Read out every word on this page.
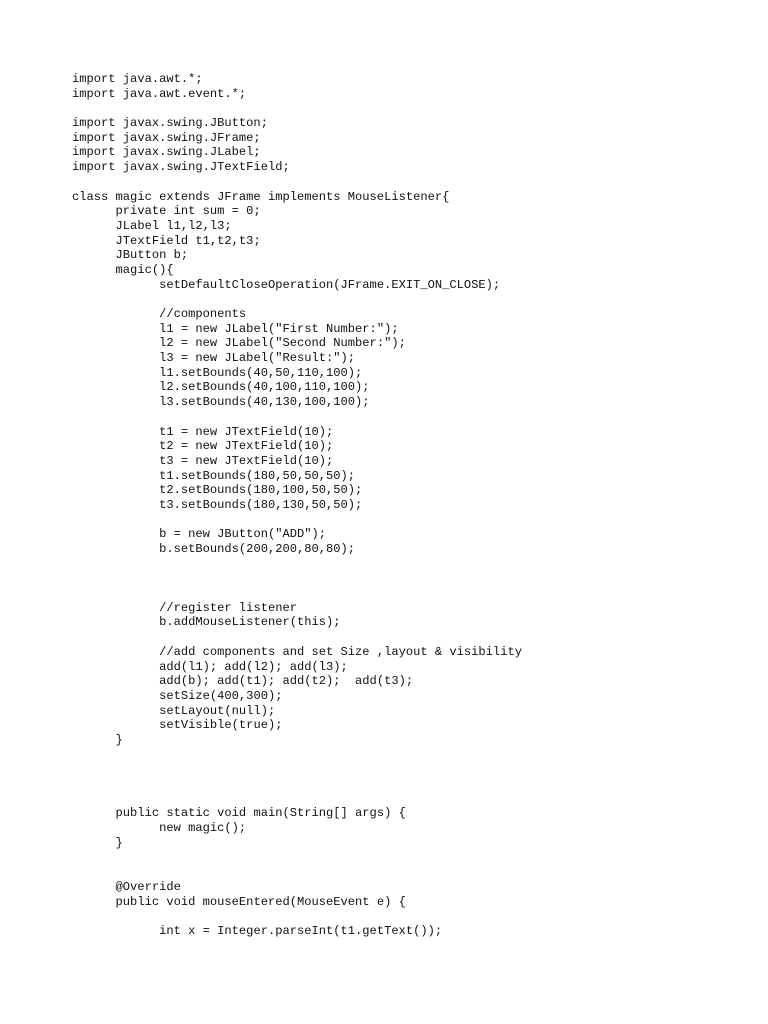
import java.awt.*;
import java.awt.event.*;
import javax.swing.JButton;
import javax.swing.JFrame;
import javax.swing.JLabel;
import javax.swing.JTextField;
class magic extends JFrame implements MouseListener{
	private int sum = 0;
	JLabel l1,l2,l3;
	JTextField t1,t2,t3;
	JButton b;
	magic(){
		setDefaultCloseOperation(JFrame.EXIT_ON_CLOSE);
		//components
		l1 = new JLabel("First Number:");
		l2 = new JLabel("Second Number:");
		l3 = new JLabel("Result:");
		l1.setBounds(40,50,110,100);
		l2.setBounds(40,100,110,100);
		l3.setBounds(40,130,100,100);
		t1 = new JTextField(10);
		t2 = new JTextField(10);
		t3 = new JTextField(10);
		t1.setBounds(180,50,50,50);
		t2.setBounds(180,100,50,50);
		t3.setBounds(180,130,50,50);
		b = new JButton("ADD");
		b.setBounds(200,200,80,80);
		//register listener
		b.addMouseListener(this);
		//add components and set Size ,layout & visibility
		add(l1); add(l2); add(l3);
		add(b); add(t1); add(t2);  add(t3);
		setSize(400,300);
		setLayout(null);
		setVisible(true);
	}
	public static void main(String[] args) {
		new magic();
	}
	@Override
	public void mouseEntered(MouseEvent e) {
		int x = Integer.parseInt(t1.getText());
